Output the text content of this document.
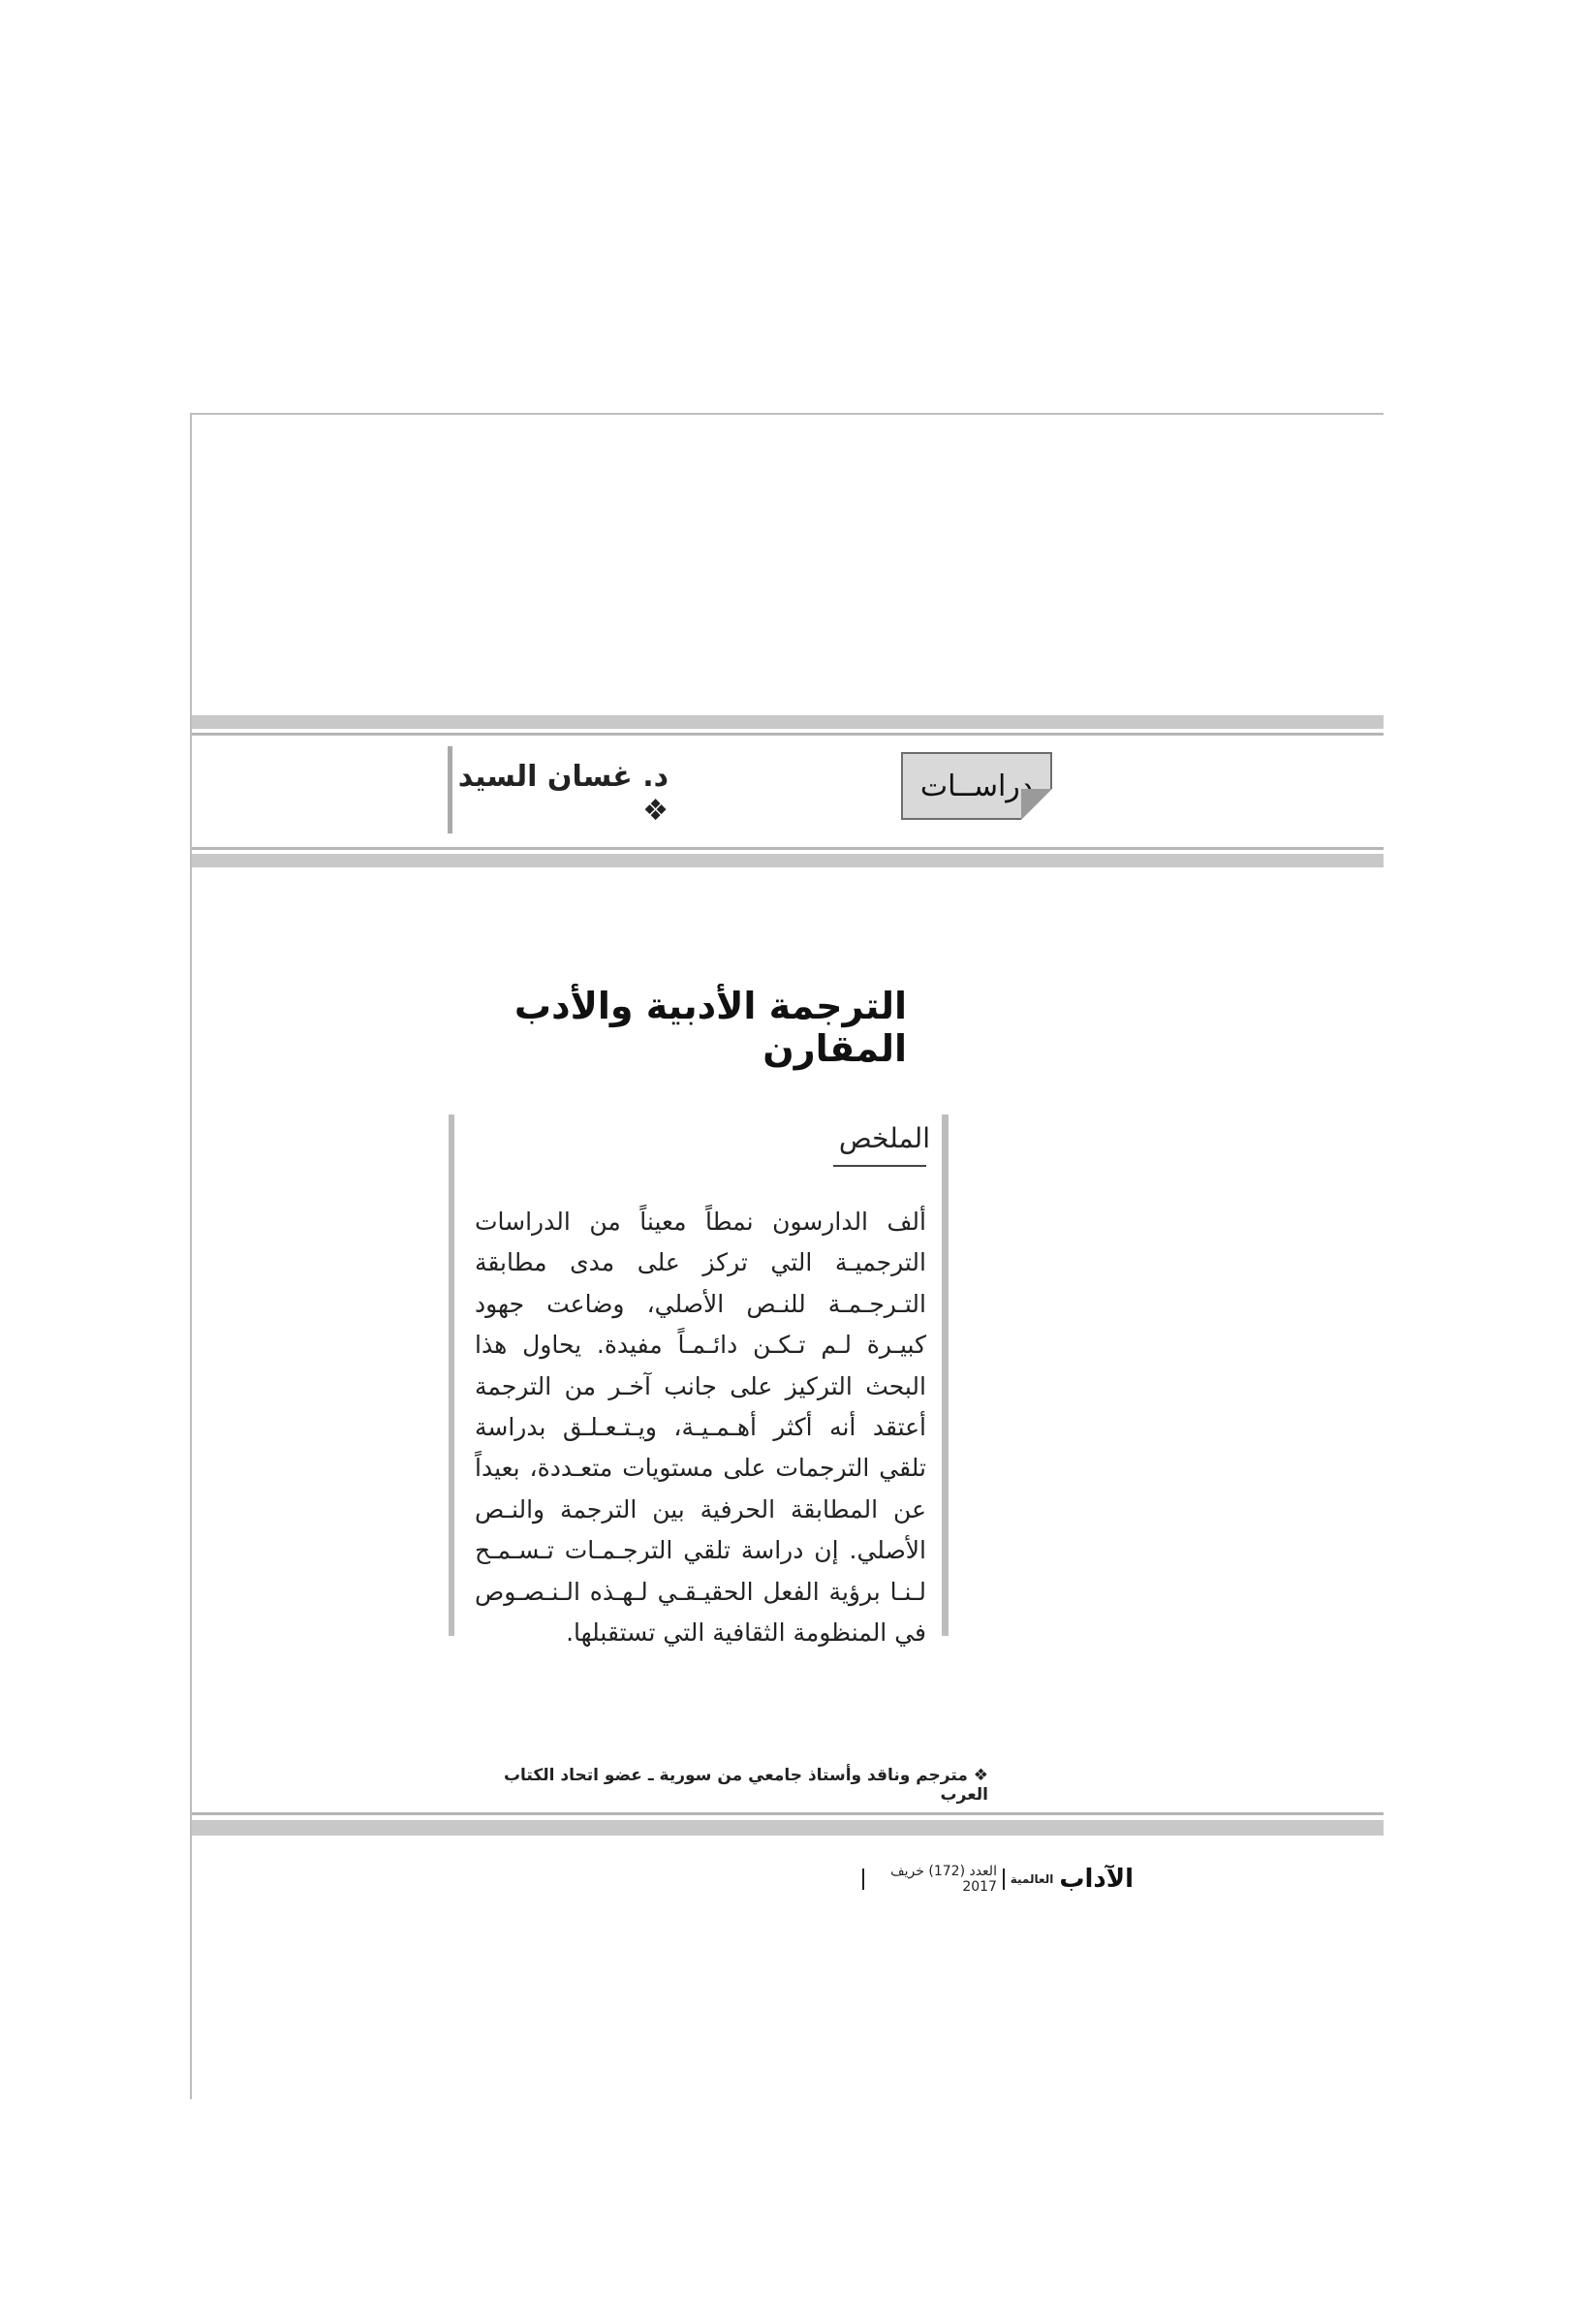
دراســات
د. غسان السيد ❖
الترجمة الأدبية والأدب المقارن
الملخص
ألف الدارسون نمطاً معيناً من الدراسات الترجميـة التي تركز على مدى مطابقة التـرجـمـة للنـص الأصلي، وضاعت جهود كبيـرة لـم تـكـن دائـمـاً مفيدة. يحاول هذا البحث التركيز على جانب آخـر من الترجمة أعتقد أنه أكثر أهـمـيـة، ويـتـعـلـق بدراسة تلقي الترجمات على مستويات متعـددة، بعيداً عن المطابقة الحرفية بين الترجمة والنـص الأصلي. إن دراسة تلقي الترجـمـات تـسـمـح لـنـا برؤية الفعل الحقيـقـي لـهـذه الـنـصـوص في المنظومة الثقافية التي تستقبلها.
❖ مترجم وناقد وأستاذ جامعي من سورية ـ عضو اتحاد الكتاب العرب
الآداب
العالمية
العدد (172) خريف 2017
